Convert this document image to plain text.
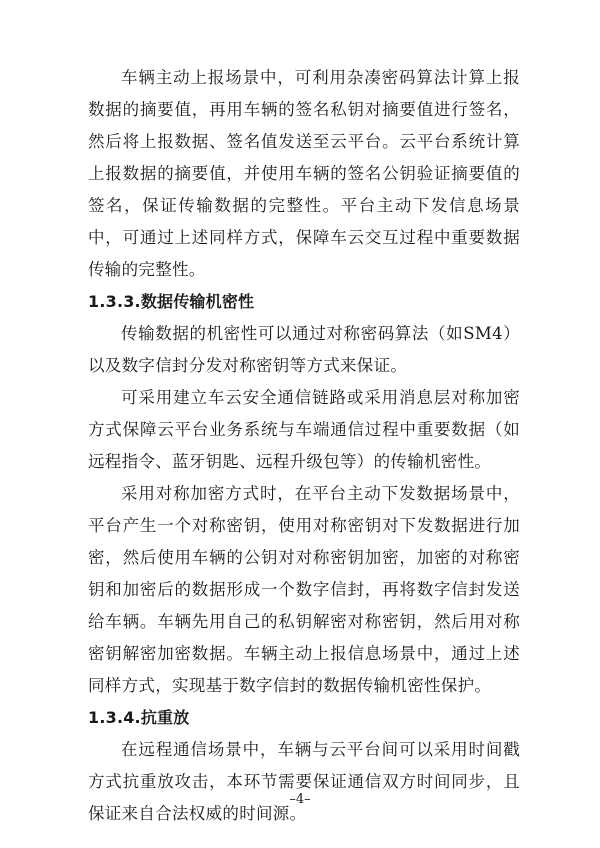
车辆主动上报场景中，可利用杂凑密码算法计算上报数据的摘要值，再用车辆的签名私钥对摘要值进行签名，然后将上报数据、签名值发送至云平台。云平台系统计算上报数据的摘要值，并使用车辆的签名公钥验证摘要值的签名，保证传输数据的完整性。平台主动下发信息场景中，可通过上述同样方式，保障车云交互过程中重要数据传输的完整性。

1.3.3.数据传输机密性

传输数据的机密性可以通过对称密码算法（如SM4）以及数字信封分发对称密钥等方式来保证。

可采用建立车云安全通信链路或采用消息层对称加密方式保障云平台业务系统与车端通信过程中重要数据（如远程指令、蓝牙钥匙、远程升级包等）的传输机密性。

采用对称加密方式时，在平台主动下发数据场景中，平台产生一个对称密钥，使用对称密钥对下发数据进行加密，然后使用车辆的公钥对对称密钥加密，加密的对称密钥和加密后的数据形成一个数字信封，再将数字信封发送给车辆。车辆先用自己的私钥解密对称密钥，然后用对称密钥解密加密数据。车辆主动上报信息场景中，通过上述同样方式，实现基于数字信封的数据传输机密性保护。

1.3.4.抗重放

在远程通信场景中，车辆与云平台间可以采用时间戳方式抗重放攻击，本环节需要保证通信双方时间同步，且保证来自合法权威的时间源。

–4–
